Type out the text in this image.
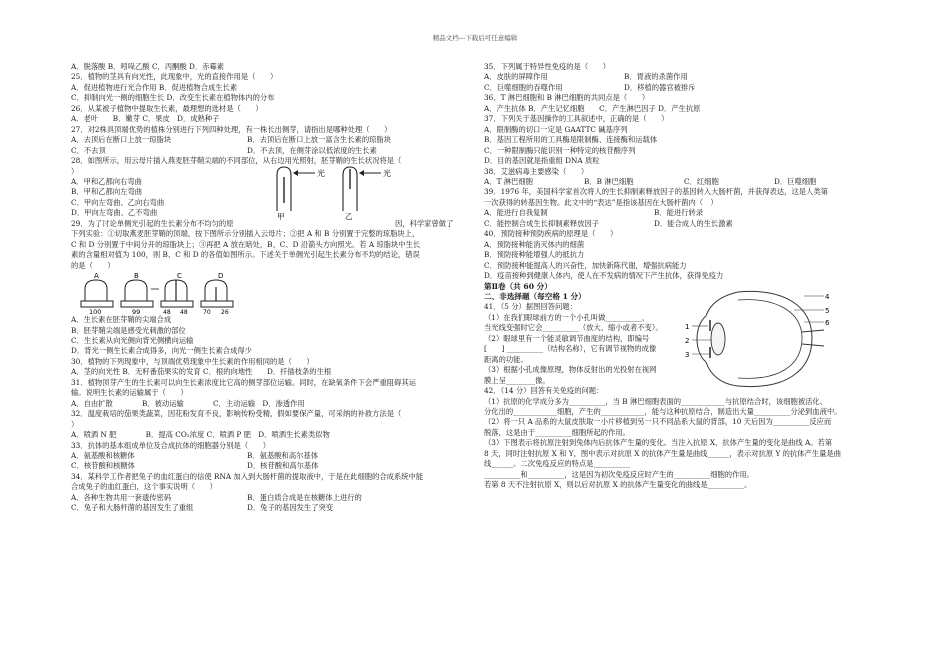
精品文档---下载后可任意编辑
A．脱落酸 B．吲哚乙酸 C．丙酮酸 D．赤霉素
25．植物的茎具有向光性，此现象中，光的直接作用是（　　）
A．促进植物进行光合作用 B．促进植物合成生长素
C．抑制向光一侧的细胞生长 D．改变生长素在植物体内的分布
26．从某被子植物中提取生长素，最理想的选材是（　　）
A．老叶　　B．嫩芽 C．果皮　D．成熟种子
27．对2株具顶端优势的植株分别进行下列四种处理，有一株长出侧芽，请指出是哪种处理（　　）
A．去顶后在断口上放一琼脂块	B．去顶后在断口上放一富含生长素的琼脂块
C．不去顶	D．不去顶，在侧芽涂以低浓度的生长素
28．如图所示，用云母片插入燕麦胚芽鞘尖端的不同部位，从右边用光照射，胚芽鞘的生长状况将是（
）
A．甲和乙都向右弯曲
B．甲和乙都向左弯曲
C．甲向左弯曲、乙向右弯曲
D．甲向左弯曲、乙不弯曲
光	光
甲	乙
29．为了讨论单侧光引起的生长素分布不均匀的原	因，科学家曾做了
下列实验：①切取燕麦胚芽鞘的顶端，按下图所示分别插入云母片；②把 A 和 B 分别置于完整的琼脂块上，
C 和 D 分别置于中间分开的琼脂块上；③再把 A 放在暗处，B、C、D 沿箭头方向照光。若 A 琼脂块中生长
素的含量相对值为 100，则 B、C 和 D 的各值如图所示。下述关于单侧光引起生长素分布不均的结论，错误
的是（　　）
A
100
B
99
C
48 48
D
70 26
A．生长素在胚芽鞘的尖端合成
B．胚芽鞘尖端是感受光刺激的部位
C．生长素从向光侧向背光侧横向运输
D．背光一侧生长素合成得多，向光一侧生长素合成得少
30．植物的下列现象中，与顶端优势现象中生长素的作用相同的是（　　）
A．茎的向光性 B．无籽番茄果实的发育 C．根的向地性　　D．扦插枝条的生根
31．植物顶芽产生的生长素可以向生长素浓度比它高的侧芽部位运输。同时，在缺氧条件下会严重阻碍其运
输。说明生长素的运输属于（　　）
A．自由扩散　　　　B．被动运输　　　　C．主动运输　D．渗透作用
32．温度栽培的茄果类蔬菜，因花粉发育不良，影响传粉受精，假如要保产量，可采纳的补救方法是（
）
A．喷洒 N 肥　　　　B．提高 CO₂浓度 C．喷洒 P 肥　D．喷洒生长素类似物
33．抗体的基本组成单位及合成抗体的细胞器分别是（　　）
A．氨基酸和核糖体	B．氨基酸和高尔基体
C．核苷酸和核糖体	D．核苷酸和高尔基体
34．某科学工作者把兔子的血红蛋白的信使 RNA 加入到大肠杆菌的提取液中，于是在此细胞的合成系统中能
合成兔子的血红蛋白，这个事实说明（　　）
A．各种生物共用一套遗传密码	B．蛋白质合成是在核糖体上进行的
C．兔子和大肠杆菌的基因发生了重组	D．兔子的基因发生了突变
35．下列属于特异性免疫的是（　　）
A．皮肤的屏障作用	B．胃液的杀菌作用
C．巨噬细胞的吞噬作用	D．移植的器官被排斥
36．T 淋巴细胞和 B 淋巴细胞的共同点是（　　）
A．产生抗体 B．产生记忆细胞　　C．产生淋巴因子 D．产生抗原
37．下列关于基因操作的工具叙述中，正确的是（　　）
A．限制酶的切口一定是 GAATTC 碱基序列
B．基因工程所用的工具酶是限制酶、连接酶和运载体
C．一种限制酶只能识别一种特定的核苷酸序列
D．目的基因就是指重组 DNA 质粒
38．艾滋病毒主要感染（　　）
A．T 淋巴细胞	B．B 淋巴细胞	C．红细胞	D．巨噬细胞
39．1976 年，美国科学家首次将人的生长抑制素释放因子的基因转入大肠杆菌，并获得表达，这是人类第
一次获得的转基因生物。此文中的“表达”是指该基因在大肠杆菌内（　）
A．能进行自我复制	B．能进行转录
C．能控制合成生长抑制素释放因子	D．能合成人的生长激素
40．预防接种预防疾病的原理是（　　）
A．预防接种能消灭体内的细菌
B．预防接种能增强人的抵抗力
C．预防接种能提高人的兴奋性，加快新陈代谢，增强抗病能力
D．疫苗接种到健康人体内，使人在不发病的情况下产生抗体，获得免疫力
第Ⅱ卷（共 60 分）
二、非选择题（每空格 1 分）
41．（5 分）据图回答问题：
（1）在我们眼球前方的一个小孔叫做__________，
当光线变强时它会__________（放大、缩小或者不变）。
（2）眼球里有一个能灵敏调节曲度的结构，即编号
[　　] __________（结构名称），它有调节视物的成像
距离的功能。
（3）根据小孔成像原理，物体反射出的光投射在视网
膜上呈________像。
4
5
6
1
2
3
42．（14 分）回答有关免疫的问题：
（1）抗原的化学成分多为__________，当 B 淋巴细胞表面的____________与抗原结合时，该细胞被活化、
分化出的____________细胞，产生的____________，能与这种抗原结合，制造出大量__________分泌到血液中。
（2）将一只 A 品系的大鼠皮肤取一小片移植到另一只不同品系大鼠的背部，10 天后因为__________反应而
脱落，这是由于__________细胞所起的作用。
（3）下图表示将抗原注射到兔体内后抗体产生量的变化。当注入抗原 X，抗体产生量的变化是曲线 A。若第
8 天，同时注射抗原 X 和 Y，图中表示对抗原 X 的抗体产生量是曲线______，表示对抗原 Y 的抗体产生量是曲
线______。二次免疫反应的特点是__________
__________和__________，这是因为初次免疫反应时产生的__________细胞的作用。
若第 8 天不注射抗原 X，则以后对抗原 X 的抗体产生量变化的曲线是__________。
